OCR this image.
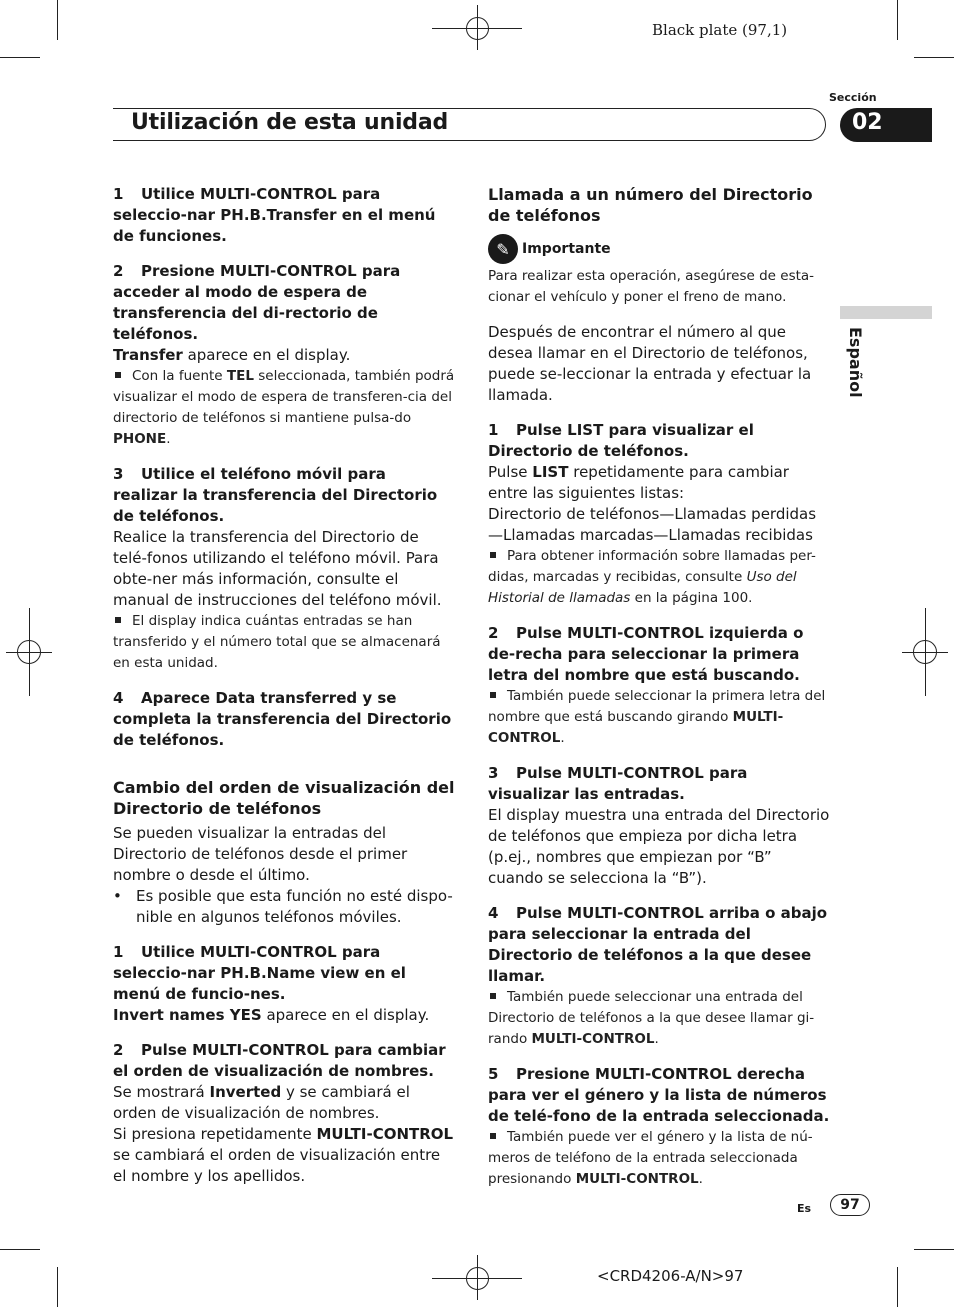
Black plate (97,1)
Utilización de esta unidad
Sección
02
Español

1 Utilice MULTI-CONTROL para seleccio-nar PH.B.Transfer en el menú de funciones.

2 Presione MULTI-CONTROL para acceder al modo de espera de transferencia del di-rectorio de teléfonos.

Transfer aparece en el display.

Con la fuente TEL seleccionada, también podrá visualizar el modo de espera de transferen-cia del directorio de teléfonos si mantiene pulsa-do PHONE.

3 Utilice el teléfono móvil para realizar la transferencia del Directorio de teléfonos.

Realice la transferencia del Directorio de telé-fonos utilizando el teléfono móvil. Para obte-ner más información, consulte el manual de instrucciones del teléfono móvil.

El display indica cuántas entradas se han transferido y el número total que se almacenará en esta unidad.

4 Aparece Data transferred y se completa la transferencia del Directorio de teléfonos.

Cambio del orden de visualización del Directorio de teléfonos

Se pueden visualizar la entradas del Directorio de teléfonos desde el primer nombre o desde el último.

• Es posible que esta función no esté dispo-nible en algunos teléfonos móviles.

1 Utilice MULTI-CONTROL para seleccio-nar PH.B.Name view en el menú de funcio-nes.

Invert names YES aparece en el display.

2 Pulse MULTI-CONTROL para cambiar el orden de visualización de nombres.

Se mostrará Inverted y se cambiará el orden de visualización de nombres.

Si presiona repetidamente MULTI-CONTROL se cambiará el orden de visualización entre el nombre y los apellidos.

Llamada a un número del Directorio de teléfonos

✎ Importante

Para realizar esta operación, asegúrese de esta-cionar el vehículo y poner el freno de mano.

Después de encontrar el número al que desea llamar en el Directorio de teléfonos, puede se-leccionar la entrada y efectuar la llamada.

1 Pulse LIST para visualizar el Directorio de teléfonos.

Pulse LIST repetidamente para cambiar entre las siguientes listas:

Directorio de teléfonos—Llamadas perdidas—Llamadas marcadas—Llamadas recibidas

Para obtener información sobre llamadas per-didas, marcadas y recibidas, consulte Uso del Historial de llamadas en la página 100.

2 Pulse MULTI-CONTROL izquierda o de-recha para seleccionar la primera letra del nombre que está buscando.

También puede seleccionar la primera letra del nombre que está buscando girando MULTI-CONTROL.

3 Pulse MULTI-CONTROL para visualizar las entradas.

El display muestra una entrada del Directorio de teléfonos que empieza por dicha letra (p.ej., nombres que empiezan por “B” cuando se selecciona la “B”).

4 Pulse MULTI-CONTROL arriba o abajo para seleccionar la entrada del Directorio de teléfonos a la que desee llamar.

También puede seleccionar una entrada del Directorio de teléfonos a la que desee llamar gi-rando MULTI-CONTROL.

5 Presione MULTI-CONTROL derecha para ver el género y la lista de números de telé-fono de la entrada seleccionada.

También puede ver el género y la lista de nú-meros de teléfono de la entrada seleccionada presionando MULTI-CONTROL.

Es	97
<CRD4206-A/N>97
